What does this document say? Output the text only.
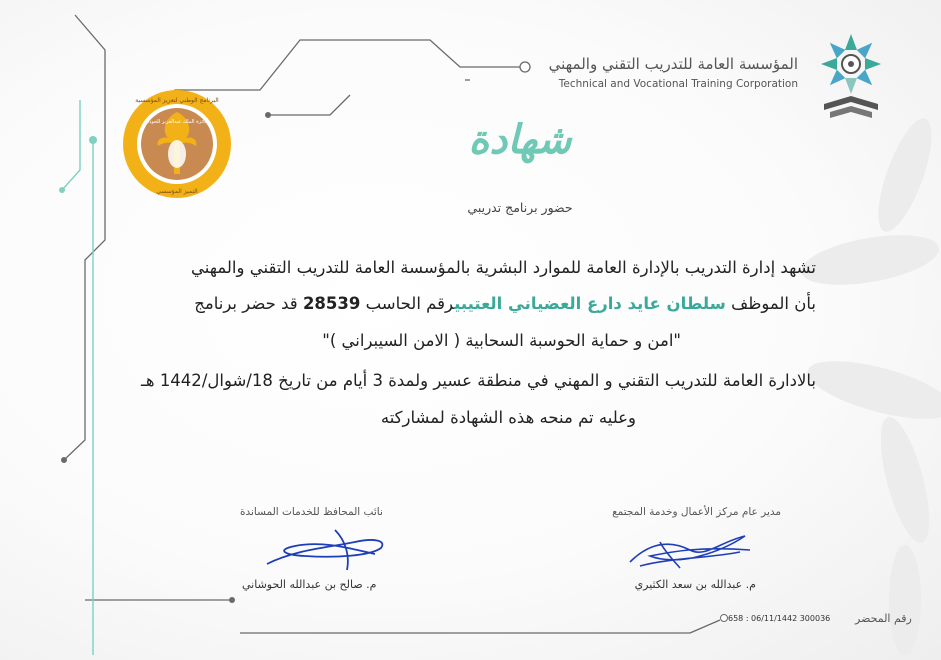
المؤسسة العامة للتدريب التقني والمهني
Technical and Vocational Training Corporation
البرنامج الوطني لتعزيز المؤسسية
جائزة الملك عبدالعزيز للجودة
التميز المؤسسي
شهادة
حضور برنامج تدريبي
تشهد إدارة التدريب بالإدارة العامة للموارد البشرية بالمؤسسة العامة للتدريب التقني والمهني
بأن الموظف سلطان عايد دارع العضياني العتيبيرقم الحاسب 28539 قد حضر برنامج
"امن و حماية الحوسبة السحابية ( الامن السيبراني )"
بالادارة العامة للتدريب التقني و المهني في منطقة عسير ولمدة 3 أيام من تاريخ 18/شوال/1442 هـ
وعليه تم منحه هذه الشهادة لمشاركته
مدير عام مركز الأعمال وخدمة المجتمع
م. عبدالله بن سعد الكثيري
نائب المحافظ للخدمات المساندة
م. صالح بن عبدالله الحوشاني
658 : 06/11/1442 300036 رقم المحضر
